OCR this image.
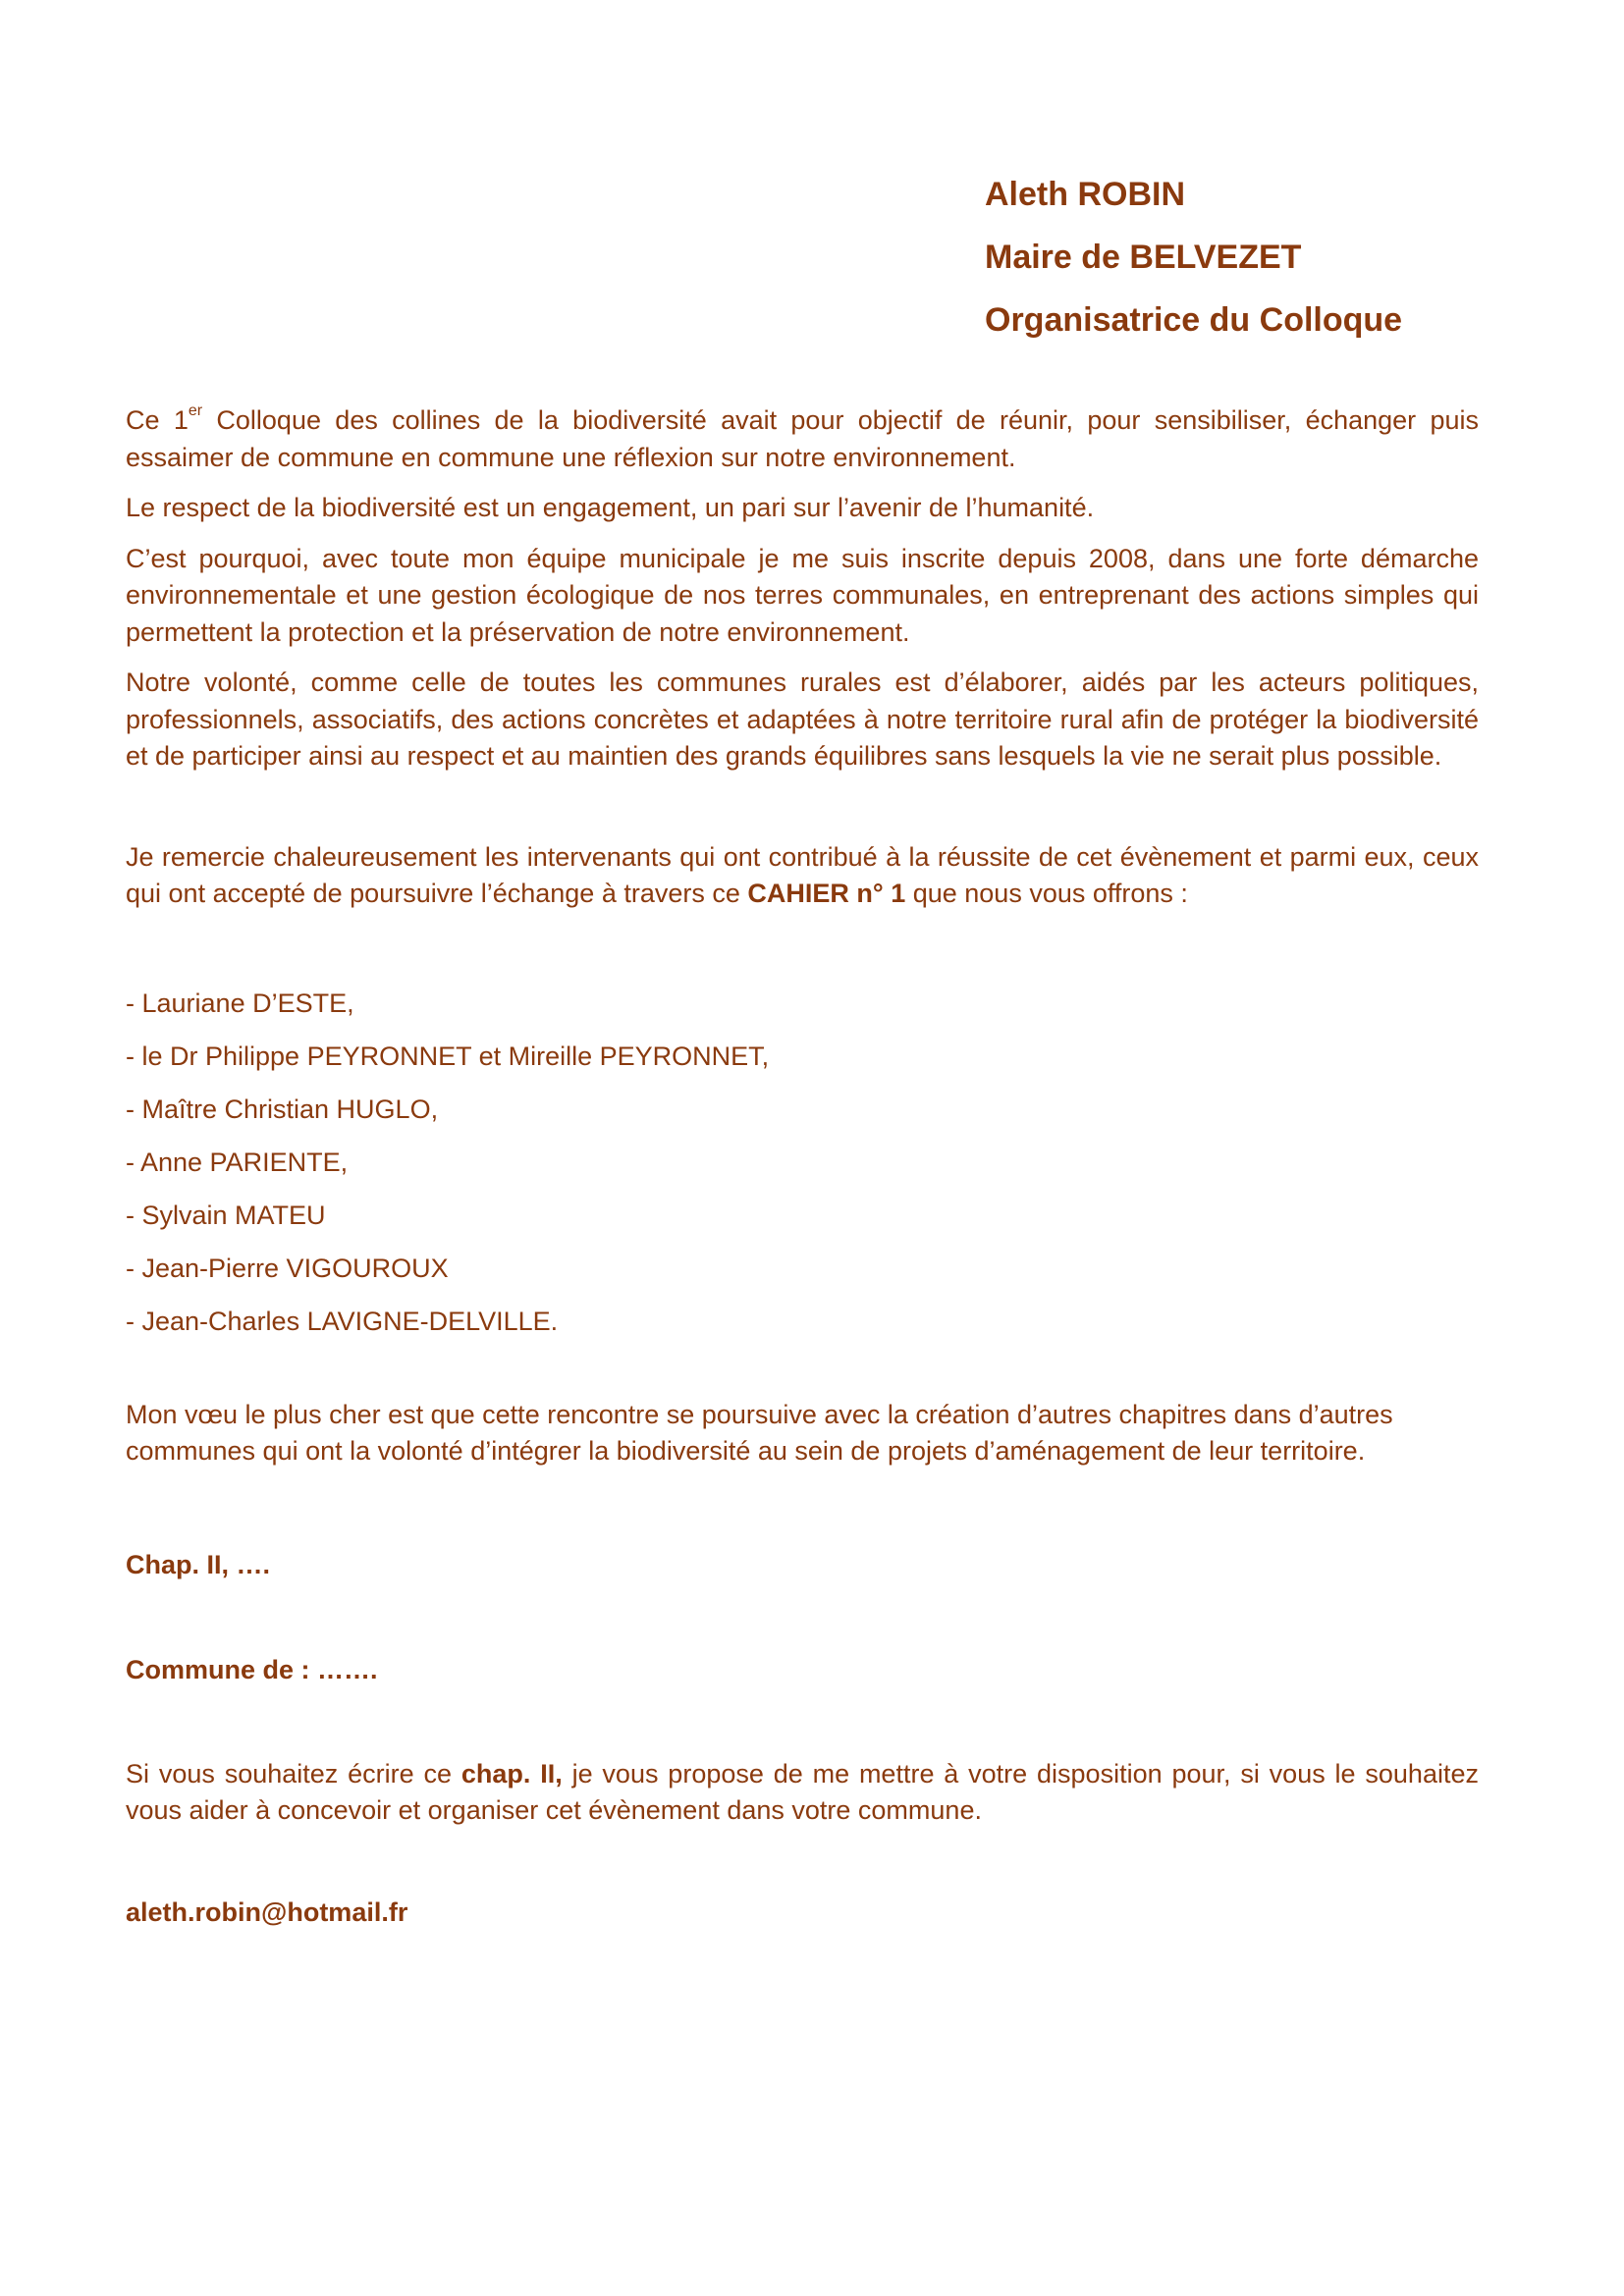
Aleth ROBIN
Maire de BELVEZET
Organisatrice du Colloque

Ce 1er Colloque des collines de la biodiversité avait pour objectif de réunir, pour sensibiliser, échanger puis essaimer de commune en commune une réflexion sur notre environnement.

Le respect de la biodiversité est un engagement, un pari sur l’avenir de l’humanité.

C’est pourquoi, avec toute mon équipe municipale je me suis inscrite depuis 2008, dans une forte démarche environnementale et une gestion écologique de nos terres communales, en entreprenant des actions simples qui permettent la protection et la préservation de notre environnement.

Notre volonté, comme celle de toutes les communes rurales est d’élaborer, aidés par les acteurs politiques, professionnels, associatifs, des actions concrètes et adaptées à notre territoire rural afin de protéger la biodiversité et de participer ainsi au respect et au maintien des grands équilibres sans lesquels la vie ne serait plus possible.

Je remercie chaleureusement les intervenants qui ont contribué à la réussite de cet évènement et parmi eux, ceux qui ont accepté de poursuivre l’échange à travers ce CAHIER n° 1 que nous vous offrons :

- Lauriane D’ESTE,
- le Dr Philippe PEYRONNET et Mireille PEYRONNET,
- Maître Christian HUGLO,
- Anne PARIENTE,
- Sylvain MATEU
- Jean-Pierre VIGOUROUX
- Jean-Charles LAVIGNE-DELVILLE.

Mon vœu le plus cher est que cette rencontre se poursuive avec la création d’autres chapitres dans d’autres communes qui ont la volonté d’intégrer la biodiversité au sein de projets d’aménagement de leur territoire.

Chap. II, ….

Commune de : …….

Si vous souhaitez écrire ce chap. II, je vous propose de me mettre à votre disposition pour, si vous le souhaitez vous aider à concevoir et organiser cet évènement dans votre commune.

aleth.robin@hotmail.fr
